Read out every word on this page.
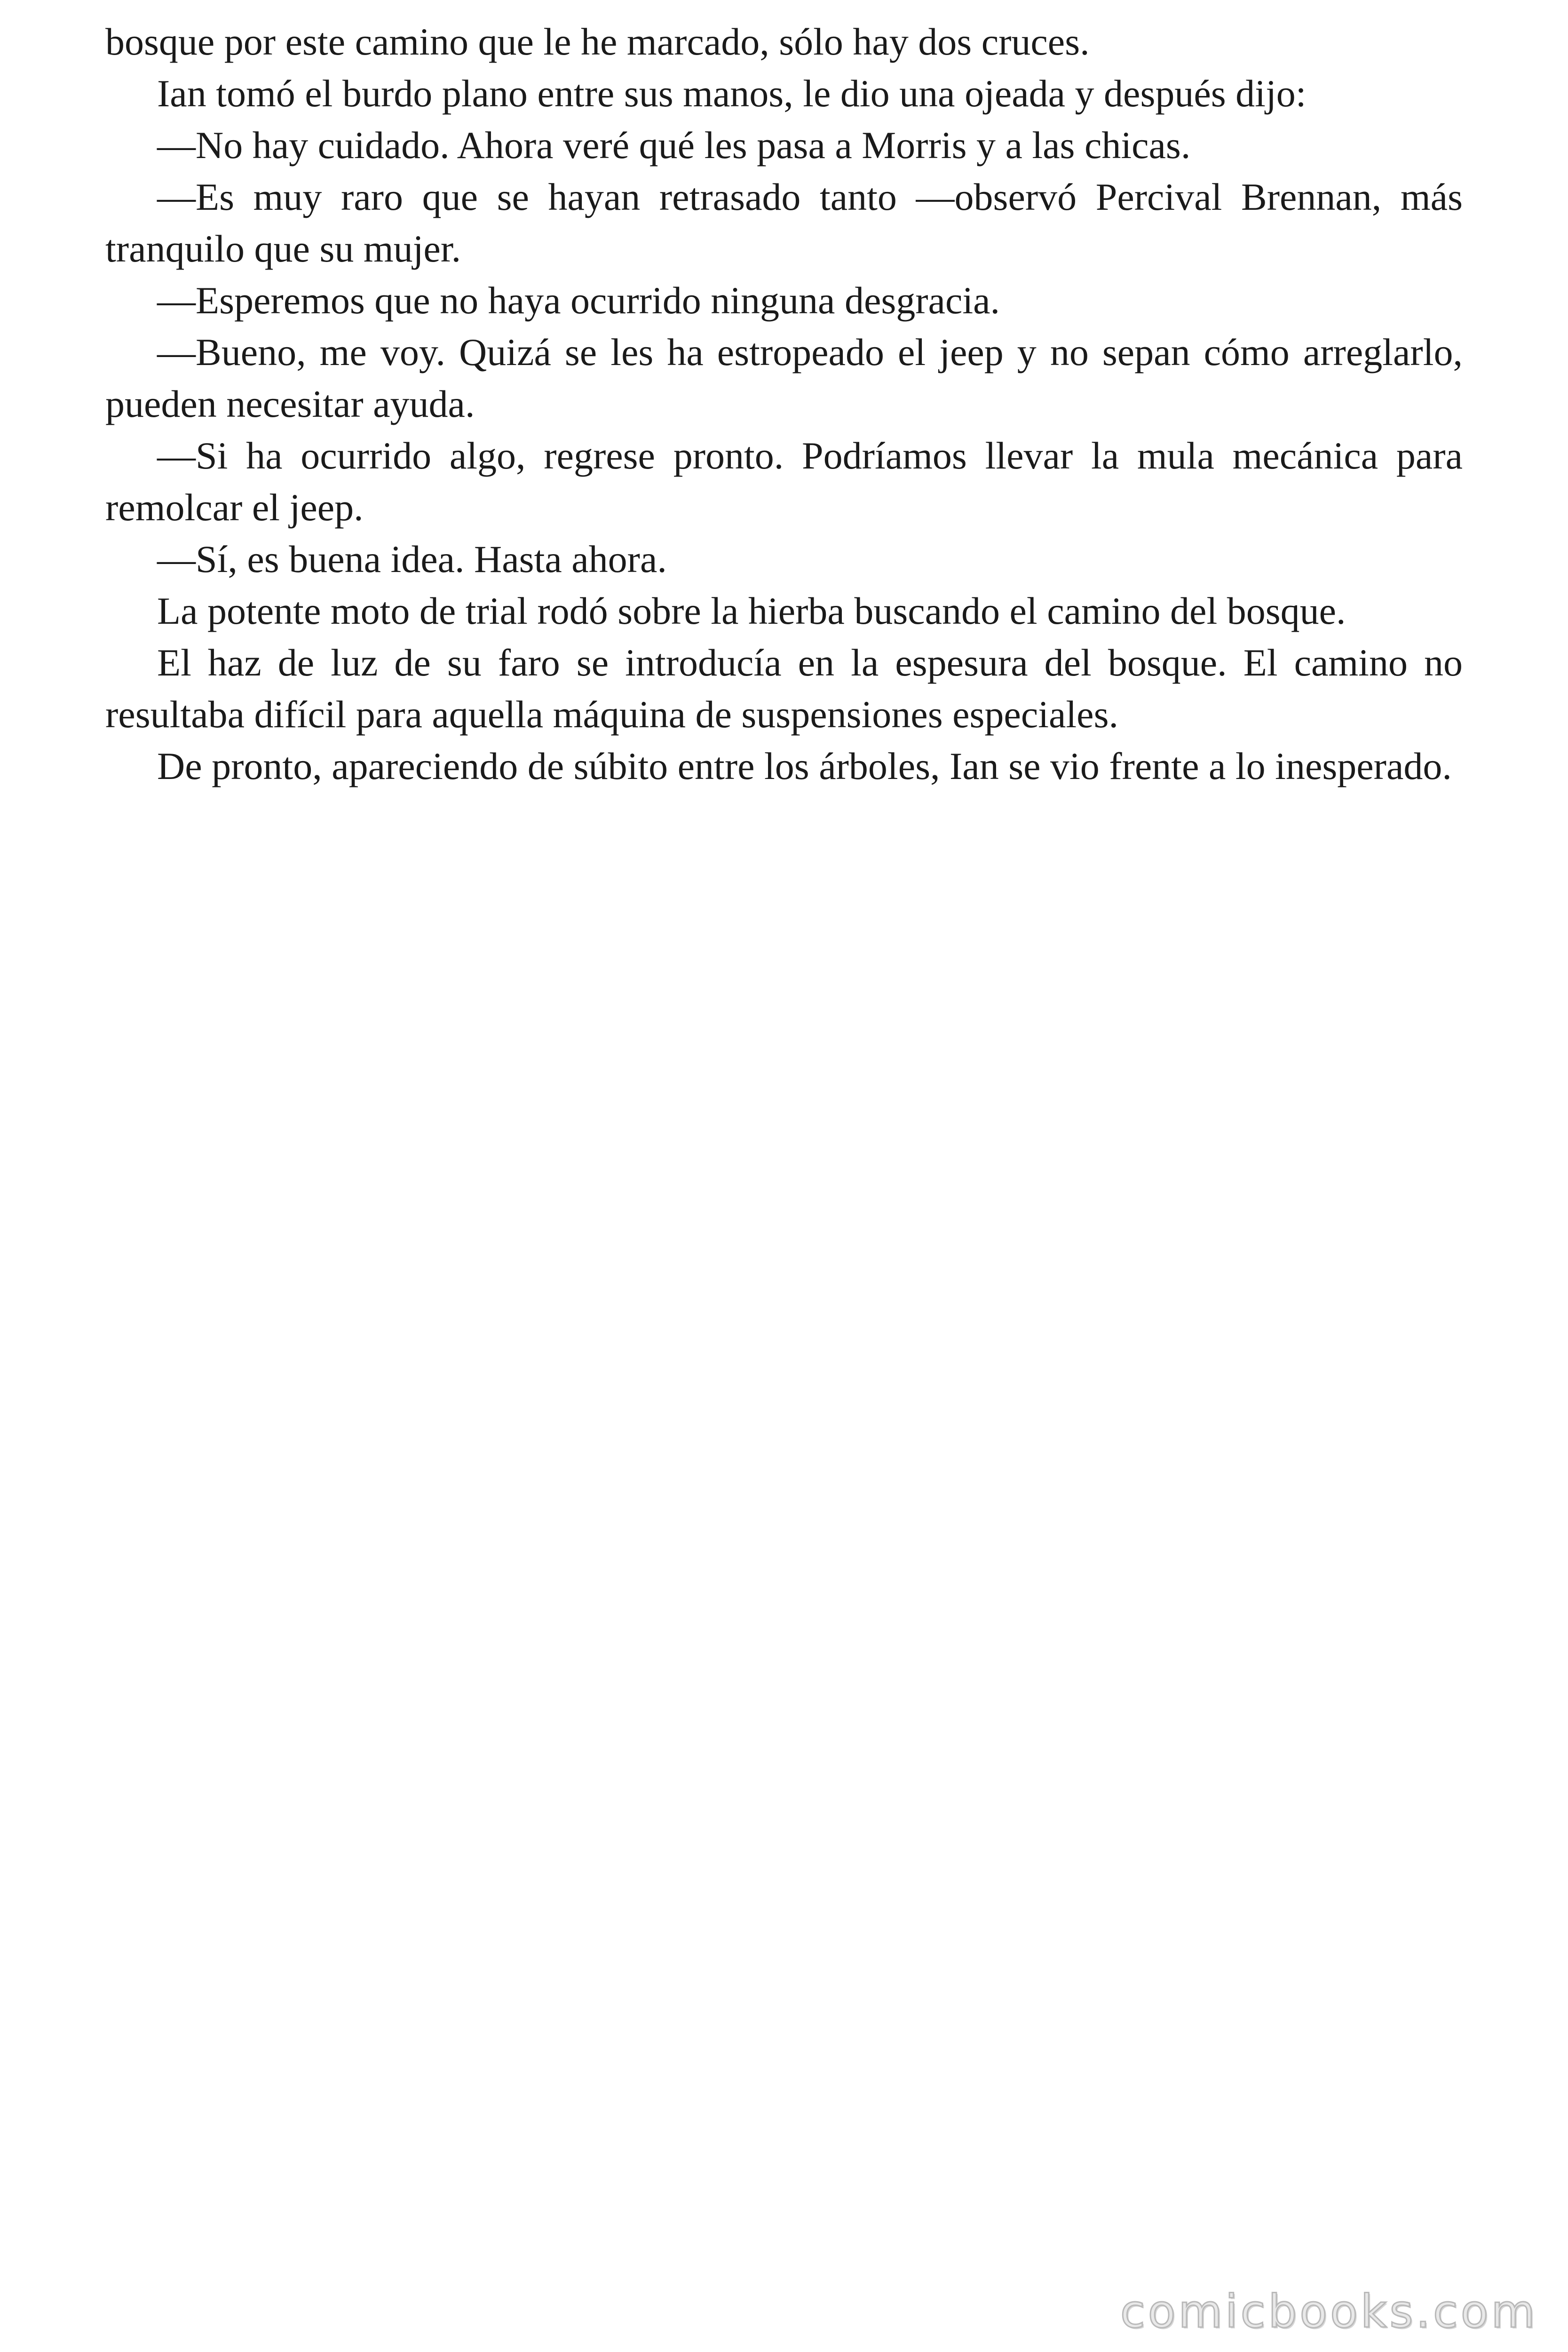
bosque por este camino que le he marcado, sólo hay dos cruces.

Ian tomó el burdo plano entre sus manos, le dio una ojeada y después dijo:

—No hay cuidado. Ahora veré qué les pasa a Morris y a las chicas.

—Es muy raro que se hayan retrasado tanto —observó Percival Brennan, más tranquilo que su mujer.

—Esperemos que no haya ocurrido ninguna desgracia.

—Bueno, me voy. Quizá se les ha estropeado el jeep y no sepan cómo arreglarlo, pueden necesitar ayuda.

—Si ha ocurrido algo, regrese pronto. Podríamos llevar la mula mecánica para remolcar el jeep.

—Sí, es buena idea. Hasta ahora.

La potente moto de trial rodó sobre la hierba buscando el camino del bosque.

El haz de luz de su faro se introducía en la espesura del bosque. El camino no resultaba difícil para aquella máquina de suspensiones especiales.

De pronto, apareciendo de súbito entre los árboles, Ian se vio frente a lo inesperado.

comicbooks.com
